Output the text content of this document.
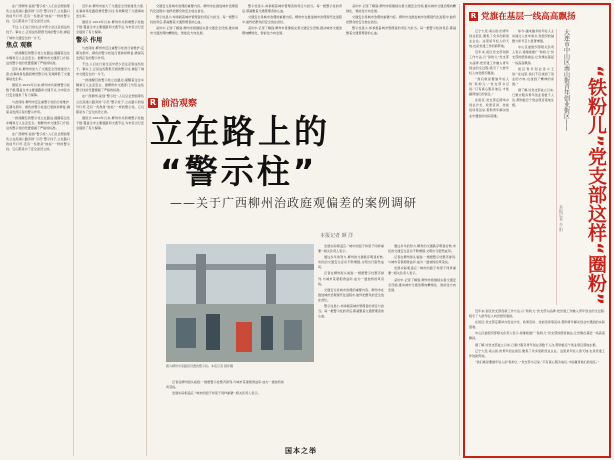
在广西柳州,说到“警示柱”,人们总会想到那些立在高速公路旁的“示范”警示柱子,立在路口的信号灯杆,还有一些像是“地标”一样的警示柱。它们都是为了安全而设立的。

不过,人们在日常生活中很少会注意到这些柱子。事实上,正是这些默默无闻的警示柱,撑起了城市交通安全的一片天。

焦点 观察

一排排醒目的警示柱立在路边,提醒着过往车辆和行人注意安全。据柳州市交通部门介绍,这些警示柱的设置遵循了严格的标准。

近年来,柳州市加大了交通安全设施建设力度,在事故易发路段增设警示柱,有效降低了交通事故发生率。

据统计,2019年以来,柳州市共新增警示柱数千根,覆盖全市主要道路和交通节点,为市民出行安全提供了有力保障。

与此同时,柳州市还注重警示柱的日常维护,定期对损坏、褪色的警示柱进行更换和修复,确保其发挥应有的警示作用。

一排排醒目的警示柱立在路边,提醒着过往车辆和行人注意安全。据柳州市交通部门介绍,这些警示柱的设置遵循了严格的标准。

在广西柳州,说到“警示柱”,人们总会想到那些立在高速公路旁的“示范”警示柱子,立在路口的信号灯杆,还有一些像是“地标”一样的警示柱。它们都是为了安全而设立的。

近年来,柳州市加大了交通安全设施建设力度,在事故易发路段增设警示柱,有效降低了交通事故发生率。

据统计,2019年以来,柳州市共新增警示柱数千根,覆盖全市主要道路和交通节点,为市民出行安全提供了有力保障。

警示 作用

与此同时,柳州市还注重警示柱的日常维护,定期对损坏、褪色的警示柱进行更换和修复,确保其发挥应有的警示作用。

不过,人们在日常生活中很少会注意到这些柱子。事实上,正是这些默默无闻的警示柱,撑起了城市交通安全的一片天。

一排排醒目的警示柱立在路边,提醒着过往车辆和行人注意安全。据柳州市交通部门介绍,这些警示柱的设置遵循了严格的标准。

在广西柳州,说到“警示柱”,人们总会想到那些立在高速公路旁的“示范”警示柱子,立在路口的信号灯杆,还有一些像是“地标”一样的警示柱。它们都是为了安全而设立的。

据统计,2019年以来,柳州市共新增警示柱数千根,覆盖全市主要道路和交通节点,为市民出行安全提供了有力保障。

交通安全是城市治理的重要内容。柳州市在推进城市治理现代化进程中,始终把群众的安全放在首位。

警示柱虽小,却承载着城市管理者的责任与担当。每一根警示柱的背后,都凝聚着交通管理者的心血。

采访中,记者了解到,柳州市将继续完善交通安全设施,推动城市交通治理向精细化、智能化方向发展。

警示柱虽小,却承载着城市管理者的责任与担当。每一根警示柱的背后,都凝聚着交通管理者的心血。

交通安全是城市治理的重要内容。柳州市在推进城市治理现代化进程中,始终把群众的安全放在首位。

采访中,记者了解到,柳州市将继续完善交通安全设施,推动城市交通治理向精细化、智能化方向发展。

采访中,记者了解到,柳州市将继续完善交通安全设施,推动城市交通治理向精细化、智能化方向发展。

交通安全是城市治理的重要内容。柳州市在推进城市治理现代化进程中,始终把群众的安全放在首位。

警示柱虽小,却承载着城市管理者的责任与担当。每一根警示柱的背后,都凝聚着交通管理者的心血。

R 前沿观察
立在路上的
“警示柱”
——关于广西柳州治政庭观偏差的案例调研
本报记者 颜 洋
图为柳州市某路段设置的警示柱。本报记者 颜洋摄

发展实际相适应,“城市的面子和里子同样重要”,相关负责人表示。

通过多年的努力,柳州的交通秩序明显好转,市民的交通安全意识不断增强,文明出行蔚然成风。

记者在柳州街头看到,一根根警示柱整齐排列,与城市景观相得益彰,成为一道独特的风景线。

交通安全是城市治理的重要内容。柳州市在推进城市治理现代化进程中,始终把群众的安全放在首位。

警示柱虽小,却承载着城市管理者的责任与担当。每一根警示柱的背后,都凝聚着交通管理者的心血。

通过多年的努力,柳州的交通秩序明显好转,市民的交通安全意识不断增强,文明出行蔚然成风。

记者在柳州街头看到,一根根警示柱整齐排列,与城市景观相得益彰,成为一道独特的风景线。

发展实际相适应,“城市的面子和里子同样重要”,相关负责人表示。

采访中,记者了解到,柳州市将继续完善交通安全设施,推动城市交通治理向精细化、智能化方向发展。

记者在柳州街头看到,一根根警示柱整齐排列,与城市景观相得益彰,成为一道独特的风景线。

发展实际相适应,“城市的面子和里子同样重要”,相关负责人表示。

国本之举
R 党旗在基层一线高高飘扬

辽宁大连,南山街,的青年创业街区,聚集了众多创新创业企业。这里是年轻人的天地,也是党建工作的新阵地。

近年来,街区党支部创新工作方法,以“铁粉儿”党支部为品牌,把党建工作融入青年创业的全过程,吸引了大批年轻人向党组织靠拢。

“我们就是要做年轻人的‘铁粉儿’,”党支部书记说,“只有真心服务他们,才能赢得他们的信任。”

在街区,党支部定期举办创业沙龙、政策宣讲、技能培训等活动,帮助青年解决创业中遇到的实际困难。

如今,越来越多的年轻人主动递交入党申请书,党组织的凝聚力和号召力显著增强。

中山区委组织部相关负责人表示,将继续推广“铁粉儿”党支部的经验做法,让党旗在基层一线高高飘扬。

街区青年创业者小王说:“在这里,我们不仅找到了创业的方向,也找到了精神的家园。”

据了解,该党支部成立以来,已累计服务青年创业者数千人次,帮助数百个创业项目落地生根。	大连市中山区南山街青年创业街区—— “铁粉儿”党支部这样“圈粉”
本报记者 辛 阳

近年来,街区党支部创新工作方法,以“铁粉儿”党支部为品牌,把党建工作融入青年创业的全过程,吸引了大批年轻人向党组织靠拢。

在街区,党支部定期举办创业沙龙、政策宣讲、技能培训等活动,帮助青年解决创业中遇到的实际困难。

中山区委组织部相关负责人表示,将继续推广“铁粉儿”党支部的经验做法,让党旗在基层一线高高飘扬。

据了解,该党支部成立以来,已累计服务青年创业者数千人次,帮助数百个创业项目落地生根。

辽宁大连,南山街,的青年创业街区,聚集了众多创新创业企业。这里是年轻人的天地,也是党建工作的新阵地。

“我们就是要做年轻人的‘铁粉儿’,”党支部书记说,“只有真心服务他们,才能赢得他们的信任。”
